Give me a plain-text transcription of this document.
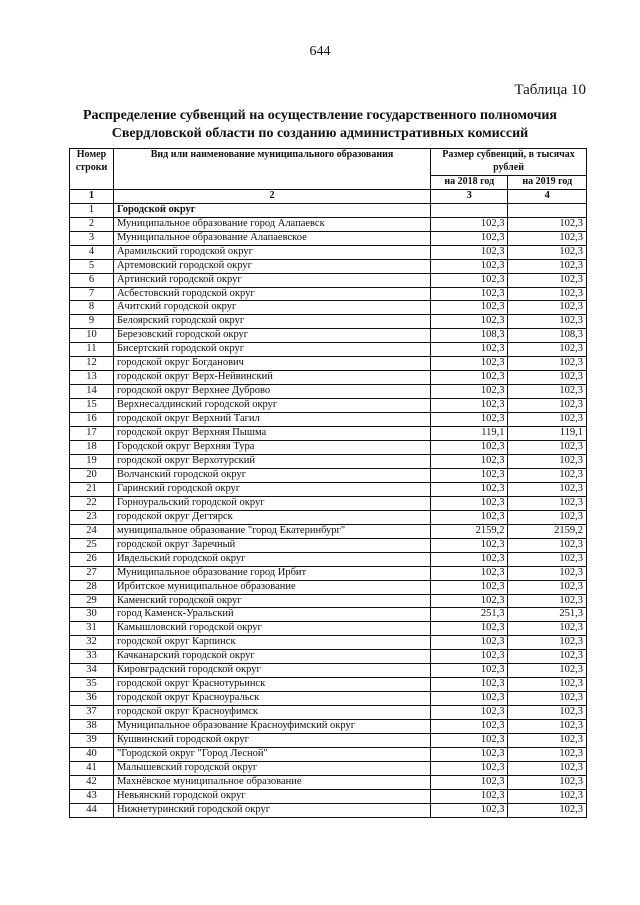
644
Таблица 10
Распределение субвенций на осуществление государственного полномочия
Свердловской области по созданию административных комиссий
Номер строки	Вид или наименование муниципального образования	Размер субвенций, в тысячах рублей	
		на 2018 год	на 2019 год
1	2	3	4
1	Городской округ		
2	Муниципальное образование город Алапаевск	102,3	102,3
3	Муниципальное образование Алапаевское	102,3	102,3
4	Арамильский городской округ	102,3	102,3
5	Артемовский городской округ	102,3	102,3
6	Артинский городской округ	102,3	102,3
7	Асбестовский городской округ	102,3	102,3
8	Ачитский городской округ	102,3	102,3
9	Белоярский городской округ	102,3	102,3
10	Березовский городской округ	108,3	108,3
11	Бисертский городской округ	102,3	102,3
12	городской округ Богданович	102,3	102,3
13	городской округ Верх-Нейвинский	102,3	102,3
14	городской округ Верхнее Дуброво	102,3	102,3
15	Верхнесалдинский городской округ	102,3	102,3
16	городской округ Верхний Тагил	102,3	102,3
17	городской округ Верхняя Пышма	119,1	119,1
18	Городской округ Верхняя Тура	102,3	102,3
19	городской округ Верхотурский	102,3	102,3
20	Волчанский городской округ	102,3	102,3
21	Гаринский городской округ	102,3	102,3
22	Горноуральский городской округ	102,3	102,3
23	городской округ Дегтярск	102,3	102,3
24	муниципальное образование "город Екатеринбург"	2159,2	2159,2
25	городской округ Заречный	102,3	102,3
26	Ивдельский городской округ	102,3	102,3
27	Муниципальное образование город Ирбит	102,3	102,3
28	Ирбитское муниципальное образование	102,3	102,3
29	Каменский городской округ	102,3	102,3
30	город Каменск-Уральский	251,3	251,3
31	Камышловский городской округ	102,3	102,3
32	городской округ Карпинск	102,3	102,3
33	Качканарский городской округ	102,3	102,3
34	Кировградский городской округ	102,3	102,3
35	городской округ Краснотурьинск	102,3	102,3
36	городской округ Красноуральск	102,3	102,3
37	городской округ Красноуфимск	102,3	102,3
38	Муниципальное образование Красноуфимский округ	102,3	102,3
39	Кушвинский городской округ	102,3	102,3
40	"Городской округ "Город Лесной"	102,3	102,3
41	Малышевский городской округ	102,3	102,3
42	Махнёвское муниципальное образование	102,3	102,3
43	Невьянский городской округ	102,3	102,3
44	Нижнетуринский городской округ	102,3	102,3
